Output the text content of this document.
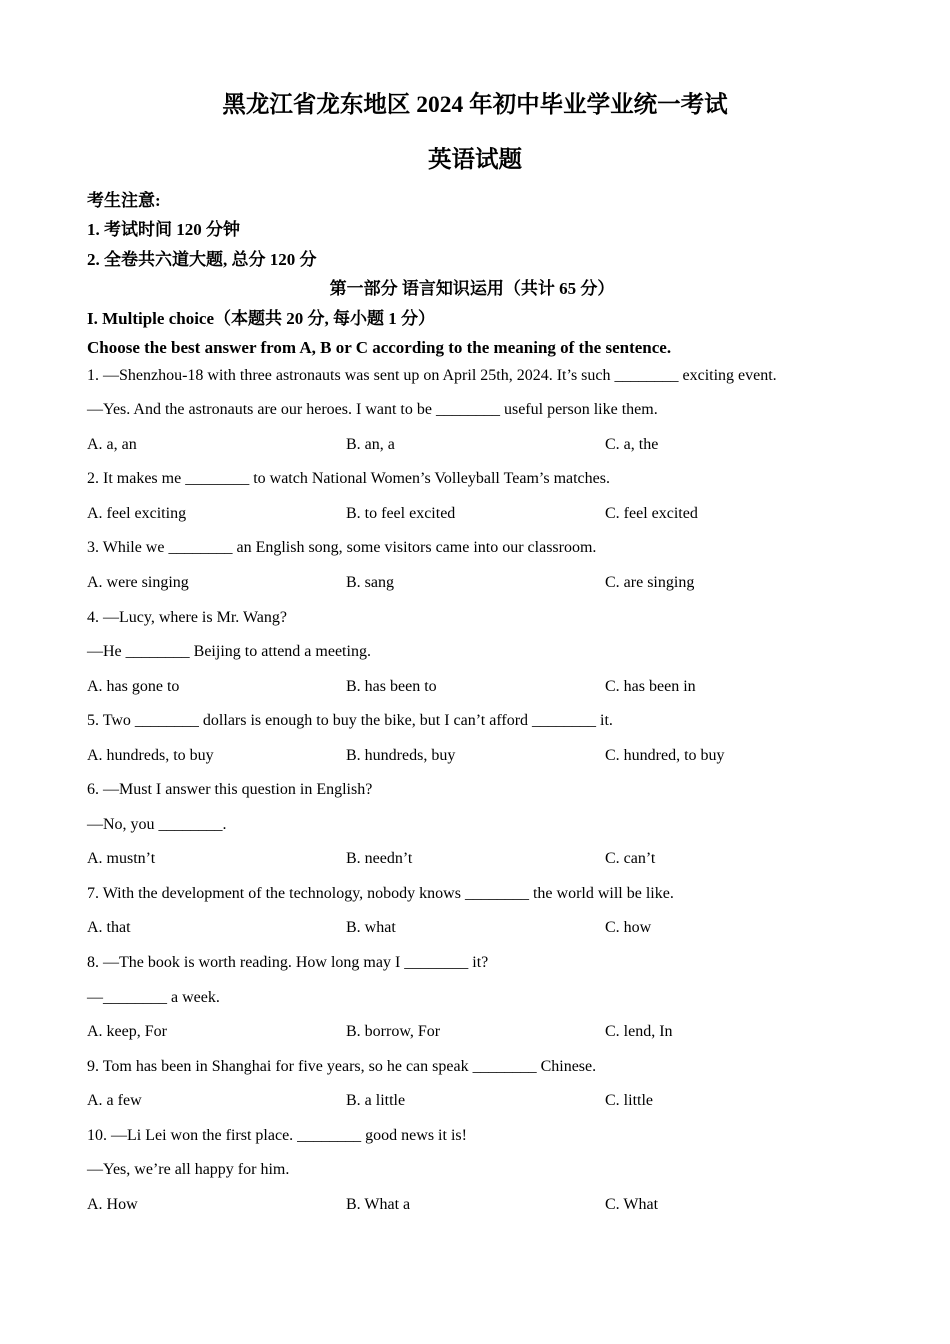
黑龙江省龙东地区 2024 年初中毕业学业统一考试
英语试题
考生注意:
1. 考试时间 120 分钟
2. 全卷共六道大题, 总分 120 分
第一部分 语言知识运用（共计 65 分）
I. Multiple choice（本题共 20 分, 每小题 1 分）
Choose the best answer from A, B or C according to the meaning of the sentence.
1. —Shenzhou-18 with three astronauts was sent up on April 25th, 2024. It’s such ________ exciting event.
—Yes. And the astronauts are our heroes. I want to be ________ useful person like them.
A. a, an	B. an, a	C. a, the
2. It makes me ________ to watch National Women’s Volleyball Team’s matches.
A. feel exciting	B. to feel excited	C. feel excited
3. While we ________ an English song, some visitors came into our classroom.
A. were singing	B. sang	C. are singing
4. —Lucy, where is Mr. Wang?
—He ________ Beijing to attend a meeting.
A. has gone to	B. has been to	C. has been in
5. Two ________ dollars is enough to buy the bike, but I can’t afford ________ it.
A. hundreds, to buy	B. hundreds, buy	C. hundred, to buy
6. —Must I answer this question in English?
—No, you ________.
A. mustn’t	B. needn’t	C. can’t
7. With the development of the technology, nobody knows ________ the world will be like.
A. that	B. what	C. how
8. —The book is worth reading. How long may I ________ it?
—________ a week.
A. keep, For	B. borrow, For	C. lend, In
9. Tom has been in Shanghai for five years, so he can speak ________ Chinese.
A. a few	B. a little	C. little
10. —Li Lei won the first place. ________ good news it is!
—Yes, we’re all happy for him.
A. How	B. What a	C. What
